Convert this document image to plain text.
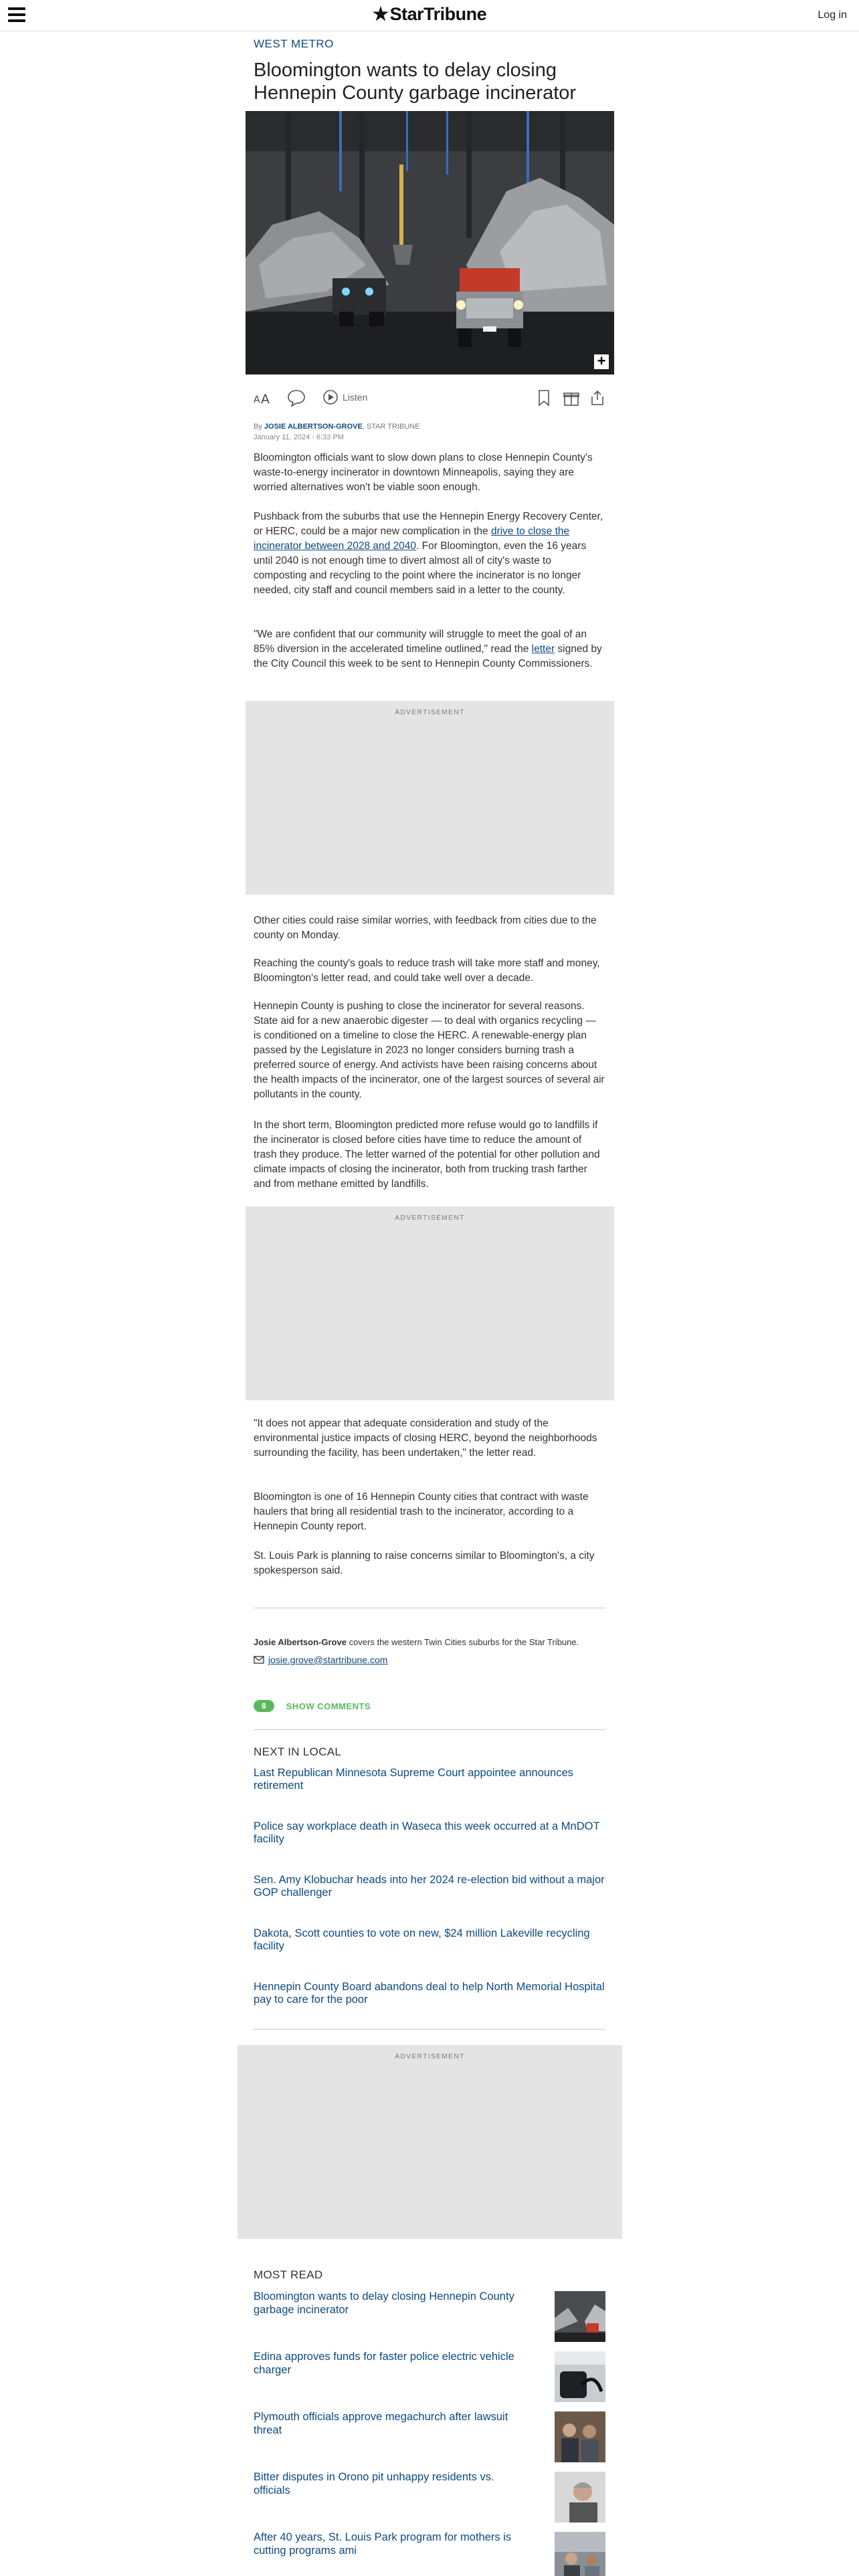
★StarTribune	Log in
WEST METRO
Bloomington wants to delay closing Hennepin County garbage incinerator
+
A A	Listen
By JOSIE ALBERTSON-GROVE, STAR TRIBUNE
January 11, 2024 - 6:33 PM

Bloomington officials want to slow down plans to close Hennepin County's waste-to-energy incinerator in downtown Minneapolis, saying they are worried alternatives won't be viable soon enough.

Pushback from the suburbs that use the Hennepin Energy Recovery Center, or HERC, could be a major new complication in the drive to close the incinerator between 2028 and 2040. For Bloomington, even the 16 years until 2040 is not enough time to divert almost all of city's waste to composting and recycling to the point where the incinerator is no longer needed, city staff and council members said in a letter to the county.

"We are confident that our community will struggle to meet the goal of an 85% diversion in the accelerated timeline outlined," read the letter signed by the City Council this week to be sent to Hennepin County Commissioners.

ADVERTISEMENT

Other cities could raise similar worries, with feedback from cities due to the county on Monday.

Reaching the county's goals to reduce trash will take more staff and money, Bloomington's letter read, and could take well over a decade.

Hennepin County is pushing to close the incinerator for several reasons. State aid for a new anaerobic digester — to deal with organics recycling — is conditioned on a timeline to close the HERC. A renewable-energy plan passed by the Legislature in 2023 no longer considers burning trash a preferred source of energy. And activists have been raising concerns about the health impacts of the incinerator, one of the largest sources of several air pollutants in the county.

In the short term, Bloomington predicted more refuse would go to landfills if the incinerator is closed before cities have time to reduce the amount of trash they produce. The letter warned of the potential for other pollution and climate impacts of closing the incinerator, both from trucking trash farther and from methane emitted by landfills.

ADVERTISEMENT

"It does not appear that adequate consideration and study of the environmental justice impacts of closing HERC, beyond the neighborhoods surrounding the facility, has been undertaken," the letter read.

Bloomington is one of 16 Hennepin County cities that contract with waste haulers that bring all residential trash to the incinerator, according to a Hennepin County report.

St. Louis Park is planning to raise concerns similar to Bloomington's, a city spokesperson said.

Josie Albertson-Grove covers the western Twin Cities suburbs for the Star Tribune.
josie.grove@startribune.com
8	SHOW COMMENTS
NEXT IN LOCAL
Last Republican Minnesota Supreme Court appointee announces retirement
Police say workplace death in Waseca this week occurred at a MnDOT facility
Sen. Amy Klobuchar heads into her 2024 re-election bid without a major GOP challenger
Dakota, Scott counties to vote on new, $24 million Lakeville recycling facility
Hennepin County Board abandons deal to help North Memorial Hospital pay to care for the poor
ADVERTISEMENT
MOST READ
Bloomington wants to delay closing Hennepin County garbage incinerator
Edina approves funds for faster police electric vehicle charger
Plymouth officials approve megachurch after lawsuit threat
Bitter disputes in Orono pit unhappy residents vs. officials
After 40 years, St. Louis Park program for mothers is cutting programs ami
